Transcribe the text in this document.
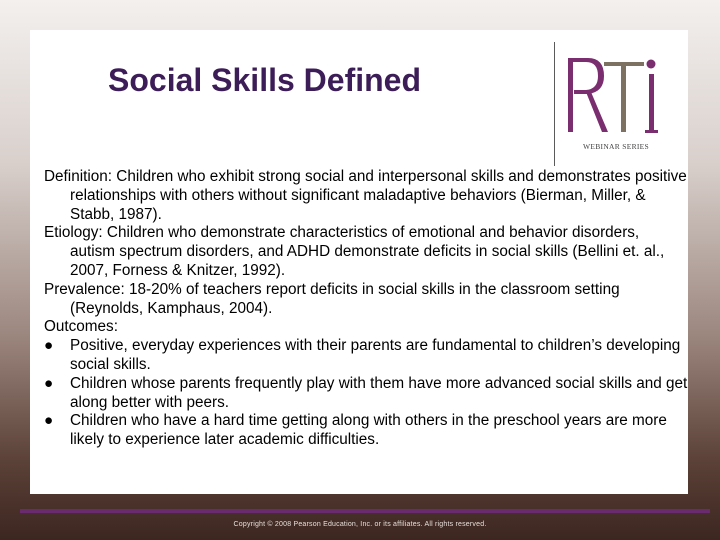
Social Skills Defined
WEBINAR SERIES

Definition: Children who exhibit strong social and interpersonal skills and demonstrates positive relationships with others without significant maladaptive behaviors (Bierman, Miller, & Stabb, 1987).

Etiology: Children who demonstrate characteristics of emotional and behavior disorders, autism spectrum disorders, and ADHD demonstrate deficits in social skills (Bellini et. al., 2007, Forness & Knitzer, 1992).

Prevalence: 18-20% of teachers report deficits in social skills in the classroom setting (Reynolds, Kamphaus, 2004).

Outcomes:

●	Positive, everyday experiences with their parents are fundamental to children’s developing social skills.

●	Children whose parents frequently play with them have more advanced social skills and get along better with peers.

●	Children who have a hard time getting along with others in the preschool years are more likely to experience later academic difficulties.

Copyright © 2008 Pearson Education, Inc. or its affiliates. All rights reserved.
